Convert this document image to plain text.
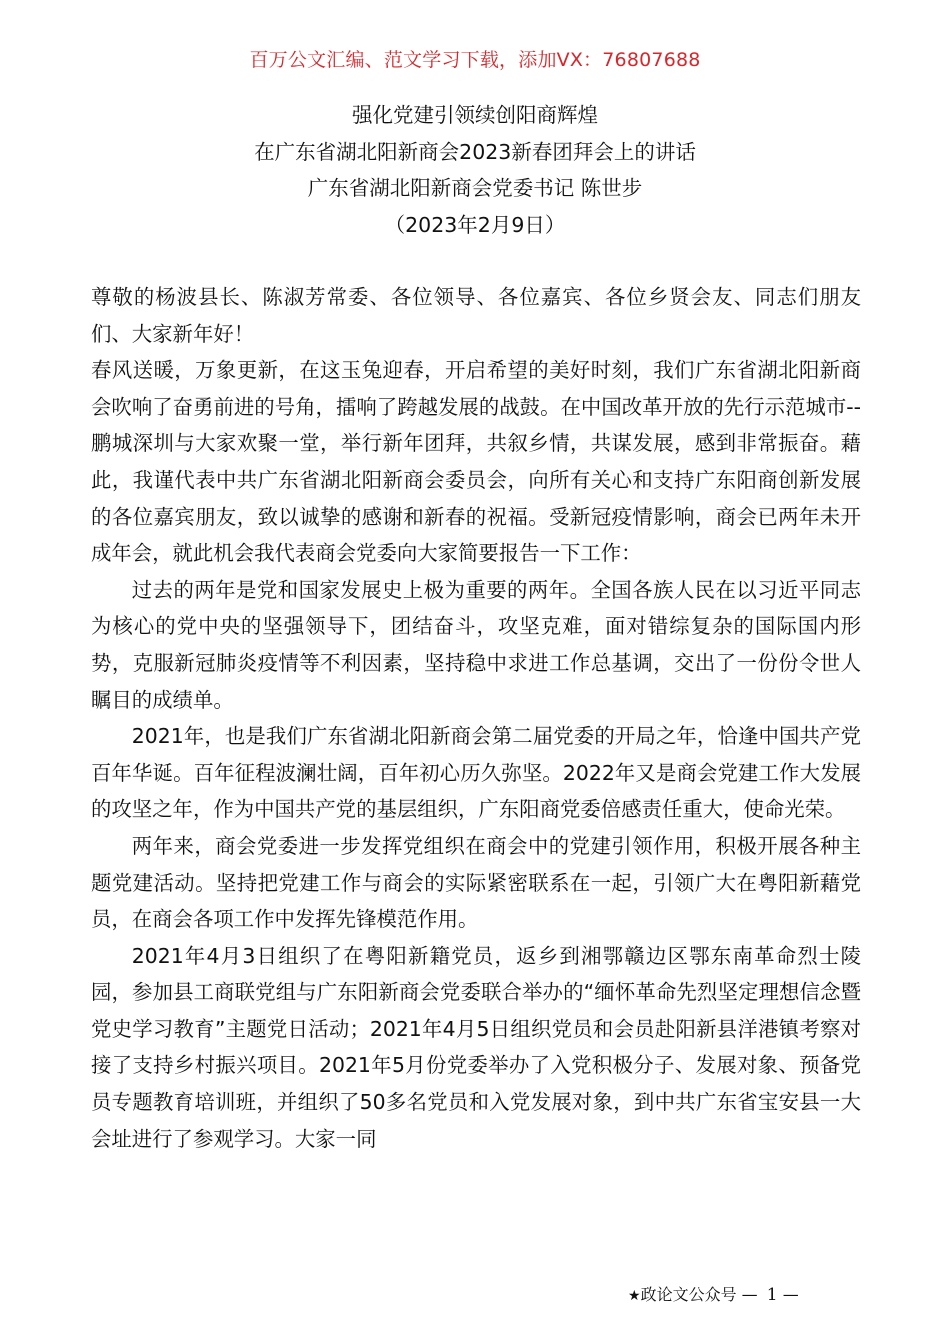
百万公文汇编、范文学习下载，添加VX：76807688
强化党建引领续创阳商辉煌
在广东省湖北阳新商会2023新春团拜会上的讲话
广东省湖北阳新商会党委书记 陈世步
（2023年2月9日）

尊敬的杨波县长、陈淑芳常委、各位领导、各位嘉宾、各位乡贤会友、同志们朋友们、大家新年好！

春风送暖，万象更新，在这玉兔迎春，开启希望的美好时刻，我们广东省湖北阳新商会吹响了奋勇前进的号角，擂响了跨越发展的战鼓。在中国改革开放的先行示范城市--鹏城深圳与大家欢聚一堂，举行新年团拜，共叙乡情，共谋发展，感到非常振奋。藉此，我谨代表中共广东省湖北阳新商会委员会，向所有关心和支持广东阳商创新发展的各位嘉宾朋友，致以诚挚的感谢和新春的祝福。受新冠疫情影响，商会已两年未开成年会，就此机会我代表商会党委向大家简要报告一下工作：

过去的两年是党和国家发展史上极为重要的两年。全国各族人民在以习近平同志为核心的党中央的坚强领导下，团结奋斗，攻坚克难，面对错综复杂的国际国内形势，克服新冠肺炎疫情等不利因素，坚持稳中求进工作总基调，交出了一份份令世人瞩目的成绩单。

2021年，也是我们广东省湖北阳新商会第二届党委的开局之年，恰逢中国共产党百年华诞。百年征程波澜壮阔，百年初心历久弥坚。2022年又是商会党建工作大发展的攻坚之年，作为中国共产党的基层组织，广东阳商党委倍感责任重大，使命光荣。

两年来，商会党委进一步发挥党组织在商会中的党建引领作用，积极开展各种主题党建活动。坚持把党建工作与商会的实际紧密联系在一起，引领广大在粤阳新藉党员，在商会各项工作中发挥先锋模范作用。

2021年4月3日组织了在粤阳新籍党员，返乡到湘鄂赣边区鄂东南革命烈士陵园，参加县工商联党组与广东阳新商会党委联合举办的“缅怀革命先烈坚定理想信念暨党史学习教育”主题党日活动；2021年4月5日组织党员和会员赴阳新县洋港镇考察对接了支持乡村振兴项目。2021年5月份党委举办了入党积极分子、发展对象、预备党员专题教育培训班，并组织了50多名党员和入党发展对象，到中共广东省宝安县一大会址进行了参观学习。大家一同

★政论文公众号 — 1 —
